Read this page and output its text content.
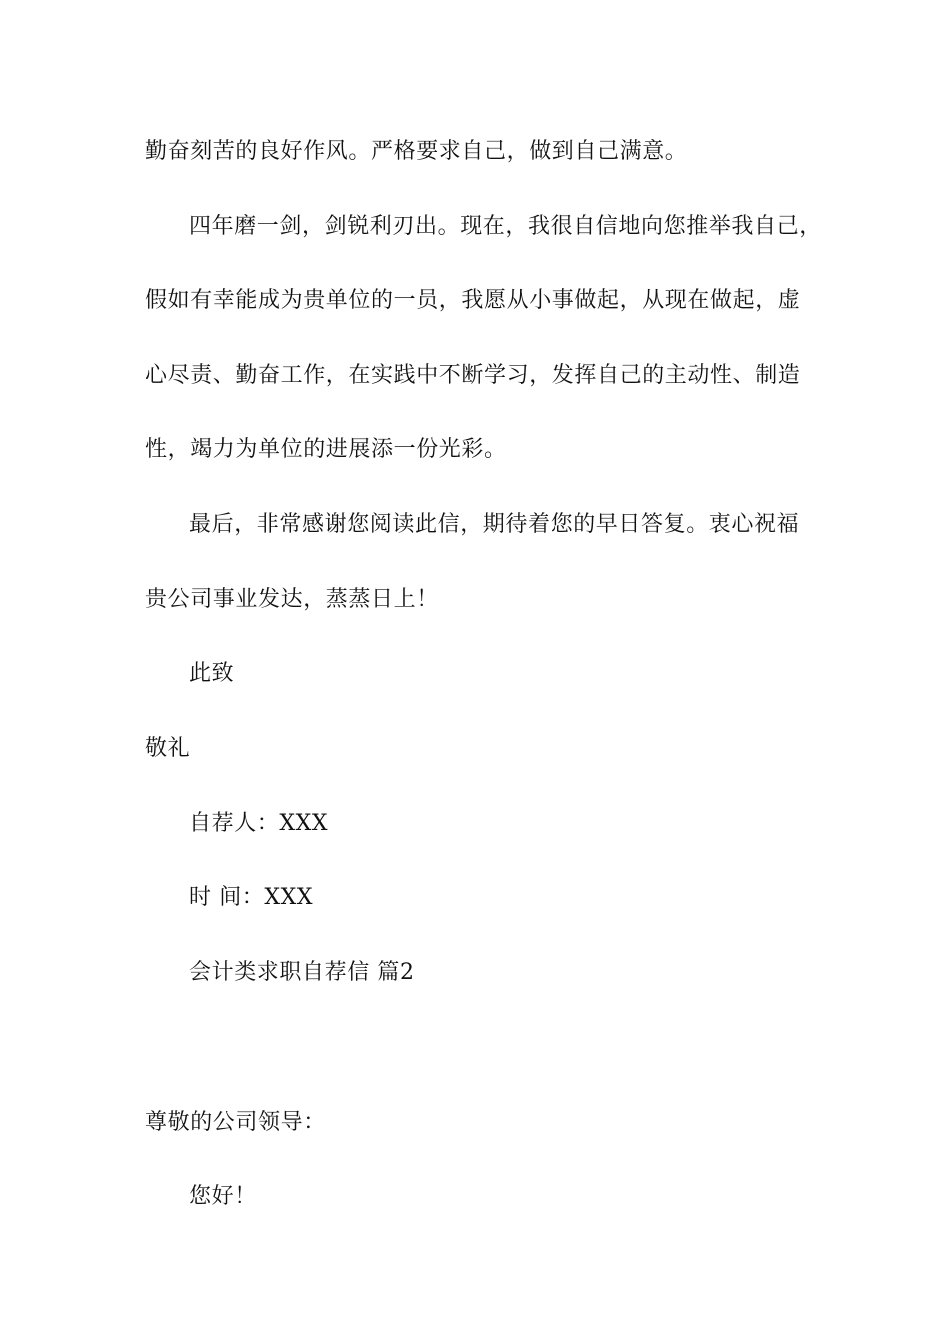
勤奋刻苦的良好作风。严格要求自己，做到自己满意。
四年磨一剑，剑锐利刃出。现在，我很自信地向您推举我自己，
假如有幸能成为贵单位的一员，我愿从小事做起，从现在做起，虚
心尽责、勤奋工作，在实践中不断学习，发挥自己的主动性、制造
性，竭力为单位的进展添一份光彩。
最后，非常感谢您阅读此信，期待着您的早日答复。衷心祝福
贵公司事业发达，蒸蒸日上！
此致
敬礼
自荐人：XXX
时 间：XXX
会计类求职自荐信 篇2
尊敬的公司领导：
您好！
